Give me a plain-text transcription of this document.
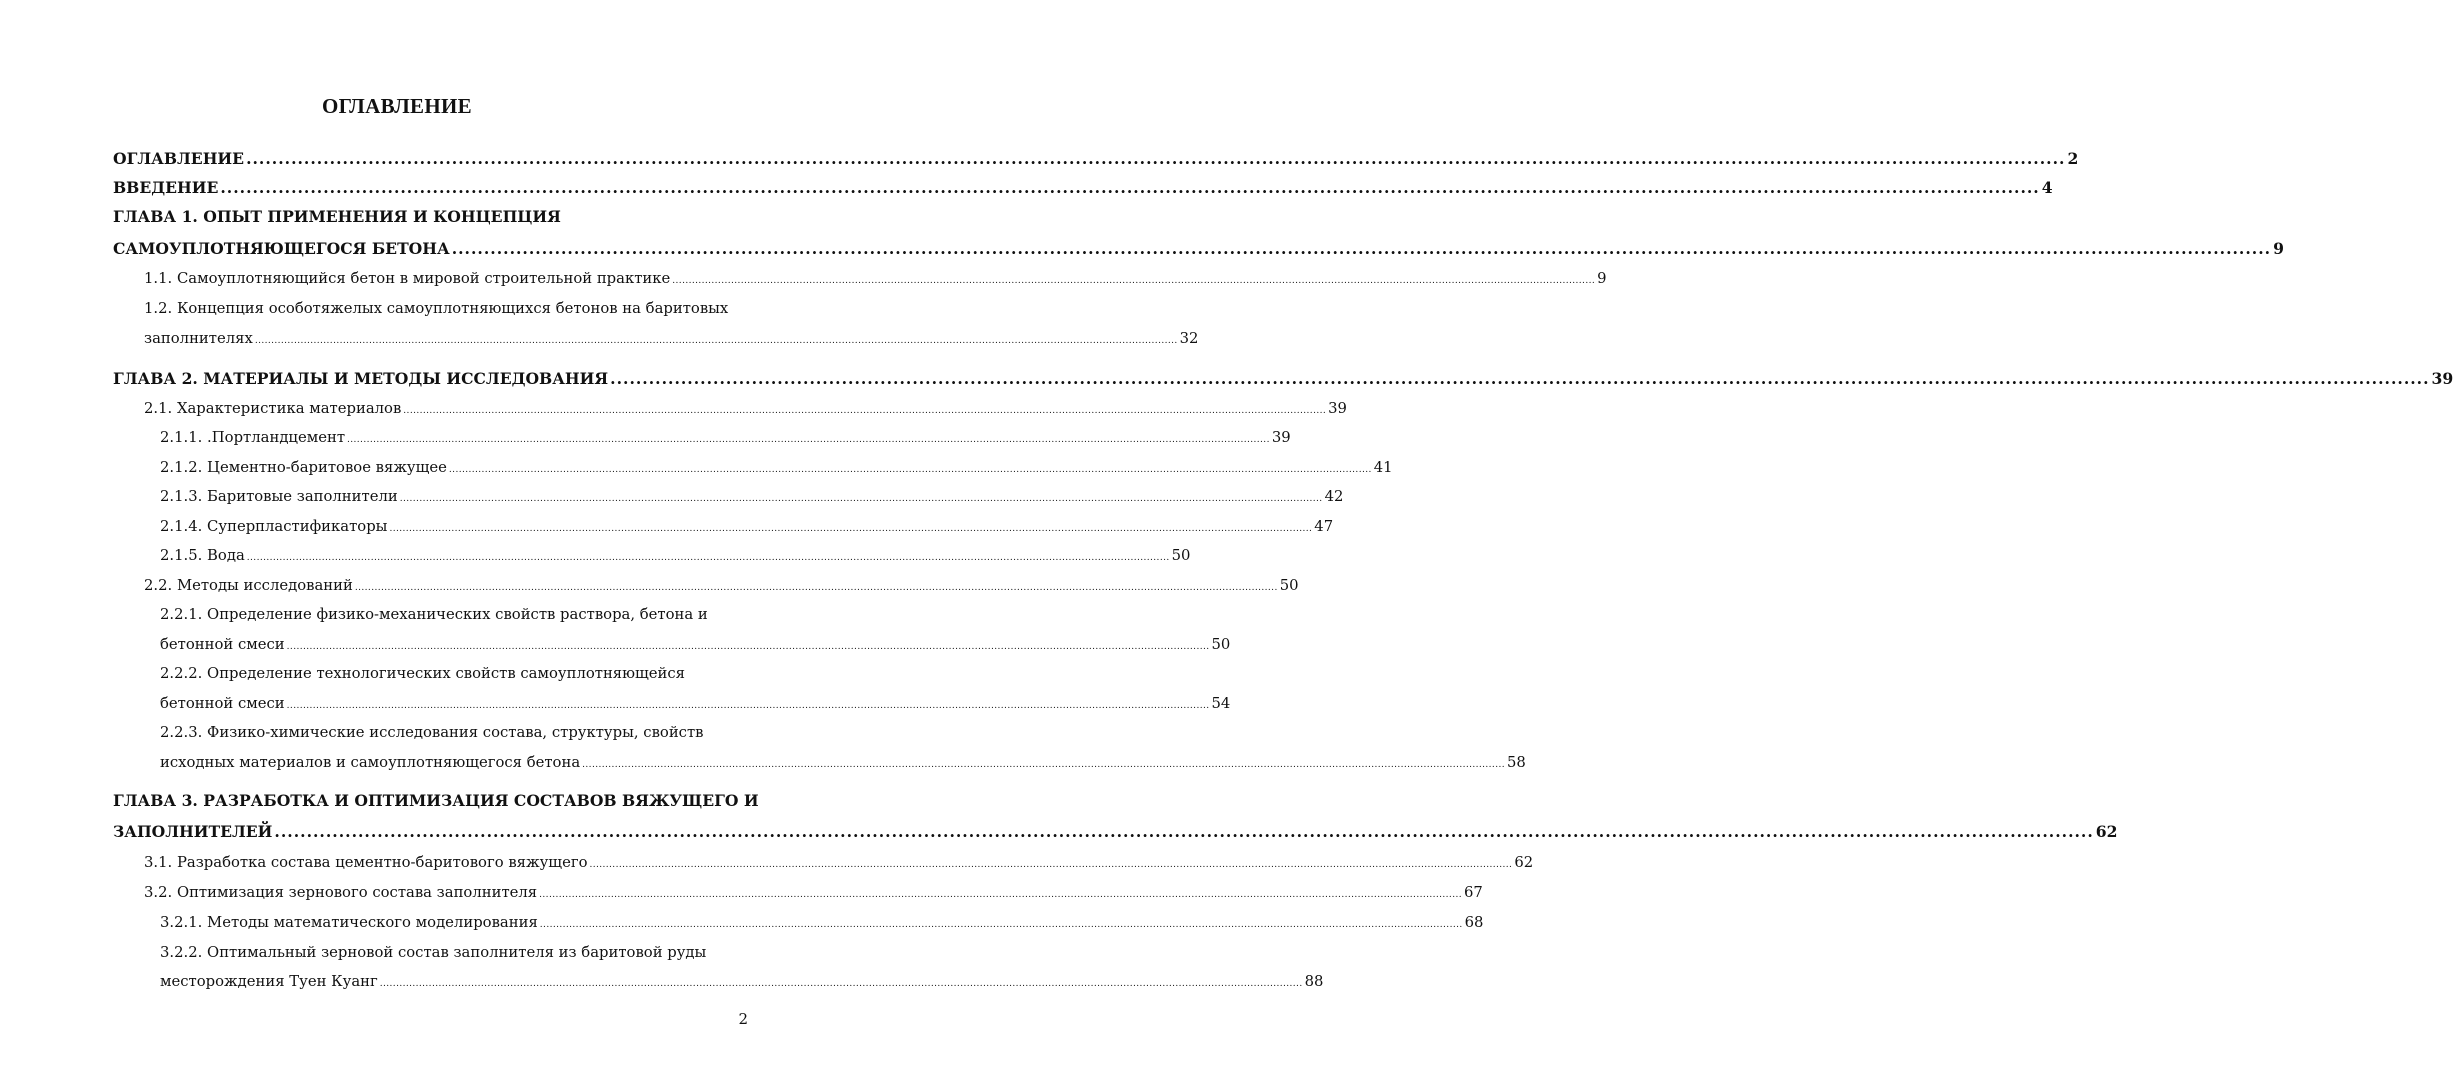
ОГЛАВЛЕНИЕ
ОГЛАВЛЕНИЕ ........................................................................................................................................................................................................................................................................................... 2
ВВЕДЕНИЕ ........................................................................................................................................................................................................................................................................................... 4
ГЛАВА 1. ОПЫТ ПРИМЕНЕНИЯ И КОНЦЕПЦИЯ
САМОУПЛОТНЯЮЩЕГОСЯ БЕТОНА ........................................................................................................................................................................................................................................................................................... 9
1.1. Самоуплотняющийся бетон в мировой строительной практике ........................................................................................................................................................................................................................................................................................... 9
1.2. Концепция особотяжелых самоуплотняющихся бетонов на баритовых
заполнителях ........................................................................................................................................................................................................................................................................................... 32
ГЛАВА 2. МАТЕРИАЛЫ И МЕТОДЫ ИССЛЕДОВАНИЯ ........................................................................................................................................................................................................................................................................................... 39
2.1. Характеристика материалов ........................................................................................................................................................................................................................................................................................... 39
2.1.1. .Портландцемент ........................................................................................................................................................................................................................................................................................... 39
2.1.2. Цементно-баритовое вяжущее ........................................................................................................................................................................................................................................................................................... 41
2.1.3. Баритовые заполнители ........................................................................................................................................................................................................................................................................................... 42
2.1.4. Суперпластификаторы ........................................................................................................................................................................................................................................................................................... 47
2.1.5. Вода ........................................................................................................................................................................................................................................................................................... 50
2.2. Методы исследований ........................................................................................................................................................................................................................................................................................... 50
2.2.1. Определение физико-механических свойств раствора, бетона и
бетонной смеси ........................................................................................................................................................................................................................................................................................... 50
2.2.2. Определение технологических свойств самоуплотняющейся
бетонной смеси ........................................................................................................................................................................................................................................................................................... 54
2.2.3. Физико-химические исследования состава, структуры, свойств
исходных материалов и самоуплотняющегося бетона ........................................................................................................................................................................................................................................................................................... 58
ГЛАВА 3. РАЗРАБОТКА И ОПТИМИЗАЦИЯ СОСТАВОВ ВЯЖУЩЕГО И
ЗАПОЛНИТЕЛЕЙ ........................................................................................................................................................................................................................................................................................... 62
3.1. Разработка состава цементно-баритового вяжущего ........................................................................................................................................................................................................................................................................................... 62
3.2. Оптимизация зернового состава заполнителя ........................................................................................................................................................................................................................................................................................... 67
3.2.1. Методы математического моделирования ........................................................................................................................................................................................................................................................................................... 68
3.2.2. Оптимальный зерновой состав заполнителя из баритовой руды
месторождения Туен Куанг ........................................................................................................................................................................................................................................................................................... 88
2
